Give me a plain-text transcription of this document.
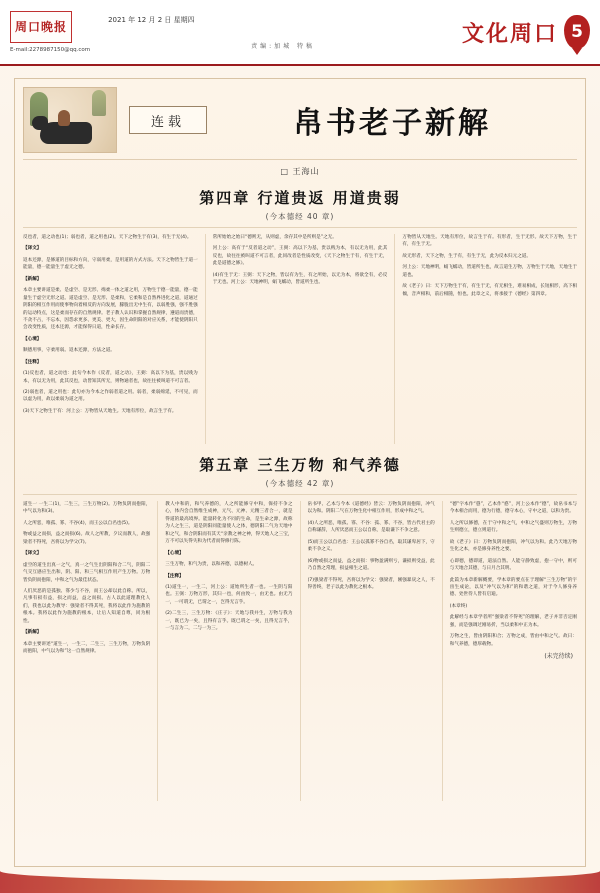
周口晚报
E-mail:2278987150@qq.com
2021 年 12 月 2 日 星期四
责编:加城 特稿	文化周口 5
连载	帛书老子新解
□ 王海山
第四章 行道贵返 用道贵弱
(今本德经 40 章)

反也者，道之动也(1)；弱也者，道之用也(2)。天下之物生于有(3)，有生于无(4)。

【译文】

返本还源，是修道的目标和方向，守弱用柔，是用道的方式方法。天下之物皆生于道一能量，德一能量生于虚无之德。

【新解】

本章主要讲道是柔、是虚空、是无形、绵柔一体之道之用，万物生于德一能量，德一能量生于虚空无形之道。道是虚空、是无形、是柔和，它柔和是自然界进化之道，道通过阴阳的相互作用而使事物向着相反的方向发展，朦胧出无中生有，以弱胜强，强不胜强的运动特点，这是柔而存在的自然规律。老子教人认识和掌握自然规律，遵道而贵德，不贪不占，不忘本，因怨求更多、更美、更大，因生命阴阳的对应关系，才能使阴阳只会改变性质，还本还源，才能保得日道，性命长存。

【心境】

顺德用事，守柔用弱。返本还源，方法之道。

【注释】

(1)反也者，道之动也：此句今本作《反者，道之动》，王弼：高以下为基，贵以贱为本，有以无为用，此其反也，动皆知其所无，则物通者也，故往往被叫道不可言者。

(2)弱也者，道之用也：此句亦为今本之作弱者道之用。弱者，柔弱绵延，不可见，而以虚为用，故以柔弱为道之用。

(3)天下之物生于有：河上公：万物皆从天地生。天地有形位，故言生于有。

常所始始之始曰“德则无，从则虚，余存其中是所则是”之无。

河上公：高有于“反者道之动”，王弼：高以下为基，贵以贱为本，有以无为用，此其反也，故往往被叫道不可言者，此同改者是性质改变，《天下之物生于有，有生于无，此是道德之修》。

(4)有生于无：王弼：天下之物，皆以有为生，有之所始，以无为本，将欲全有，必反于无也。河上公：天地神明，蜎飞蠕动，皆道所生也。

万物皆从天地生。天地有形位，故言生于有。有形者，生于无形。故天下万物，生于有，有生于无。

故无形者，天下之物，生于有，有生于无，此为反本归元之道。

河上公：天地神明，蜎飞蠕动，皆道所生也，故言道生万物，万物生于天地，天地生于道也。

故《老子》曰：天下万物生于有，有生于无，有无相生，难易相成，长短相形，高下相倾，音声相和，前后相随，恒也。此章之义，将承接于《德经》第四章。

第五章 三生万物 和气养德
(今本德经 42 章)

道生一 一生二(1)，二生三，三生万物(2)。万物负阴而抱阳，中气以为和(3)。

人之所恶，唯孤、寡、不谷(4)，而王公以自名也(5)。

物或益之而损，益之而损(6)。故人之所教，夕议而教人，故强梁者不得死，吾将以为学父(7)。

【译文】

虚空的道生出真一之气，真一之气生出阴阳和合二气，阴阳二气交互感应生出和，阴、阳、和三气相互作用产生万物。万物皆负阴而抱阳，中和之气为最佳状态。

人们厌恶的是孤独、寡少与不谷，而王公却以此自称。所以，凡事有损有益，损之而益，益之而损。古人以此道理教化人们，我也以此为教导：强梁者不得其死，我将以此作为施教的根本。我将以此作为施教的根本，让后人知道自尊，同为根性。

【新解】

本章主要讲述“道生一，一生二，二生三，三生万物，万物负阴而抱阳，中气以为和”这一自然规律。

教人中和的，和气养德的，人之所能修守中和，保持不争之心，体内会自然维生成神，元气、元神、元精三者合一，就是得道的最高境界。能量转化为不同的生命，是生命之源，故称为人之生三，道是阴阳同能量使人之体，德阴阳二气为天地中和之气，和合阴阳而有其天“亲教之神之神，得天地人之三宝，万不可以失得失和为代者而得修行陈。

【心境】

三生万物，和气为贵，以和养德，以德树人。

【注释】

(1)道生一，一生二，河上公：道始所生者一也。一生阴与阳也。王弼：万物万形，其归一也，何由致一，由无也。由无乃一，一可谓无，已谓之一，岂得无言乎。

(2)二生三，三生万物：《庄子》：天地与我并生，万物与我为一，既已为一矣，且得有言乎。既已谓之一矣，且得无言乎，一与言为二，二与一为三。

帛书甲、乙本与今本《道德经》皆云：万物负阴而抱阳，冲气以为和。阴阳二气在万物生化中相互作用，形成中和之气。

(4)人之所恶，唯孤、寡、不谷：孤、寡、不谷，皆古代君主的自称谦辞，人所厌恶而王公以自称，是取谦下不争之意。

(5)而王公以自名也：王公以孤寡不谷自名，取其谦卑居下，守柔不争之义。

(6)物或损之而益，益之而损：事物盈满则亏，谦损则受益，此乃自然之常理，损益相生之道。

(7)强梁者不得死，吾将以为学父：强梁者，刚强暴戾之人，不得善终，老子以此为教化之根本。

“德”字本作“惪”，乙本作“悳”，河上公本作“德”，故帛书本与今本相合而用，德为行德，德守本心，守中之道，以和为贵。

人之所以修德，在于守中和之气，中和之气盛则万物生，万物生则德立，德立则道行。

故《老子》曰：万物负阴而抱阳，冲气以为和。此乃天地万物生化之本，亦是修身养性之要。

心即德，德即道，道法自然。人能守静致虚，抱一守中，则可与天地合其德，与日月合其明。

此篇为本章新解概要，学本章的要点在于理解“三生万物”的宇宙生成论，以及“冲气以为和”的和谐之道，对于今人修身养德、处世待人皆有启迪。

(本章终)

此解经与本章学者所“强梁者不得死”的理解，老子并非否定刚强，而是强调过刚易折，当以柔和中正为本。

万物之生，皆由阴阳和合；万物之成，皆由中和之气。故曰：和气养德，德厚载物。

(未完待续)
